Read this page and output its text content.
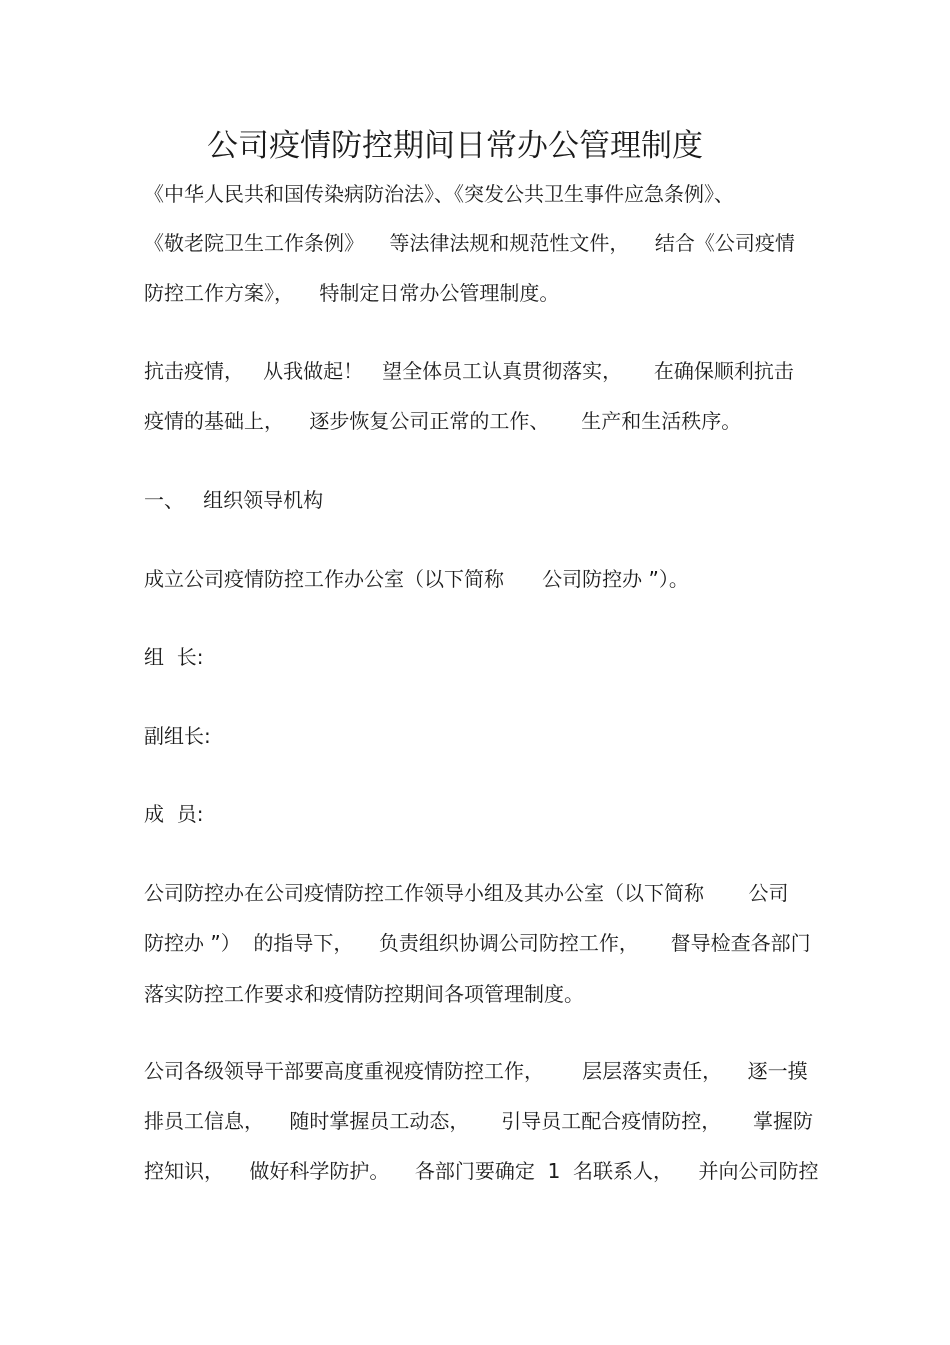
公司疫情防控期间日常办公管理制度
《中华人民共和国传染病防治法》、《突发公共卫生事件应急条例》、
《敬老院卫生工作条例》    等法律法规和规范性文件，    结合《公司疫情
防控工作方案》，    特制定日常办公管理制度。
抗击疫情，   从我做起！   望全体员工认真贯彻落实，     在确保顺利抗击
疫情的基础上，    逐步恢复公司正常的工作、     生产和生活秩序。
一、   组织领导机构
成立公司疫情防控工作办公室（以下简称      公司防控办 ”）。
组  长:
副组长:
成  员:
公司防控办在公司疫情防控工作领导小组及其办公室（以下简称       公司
防控办 ”）  的指导下，    负责组织协调公司防控工作，     督导检查各部门
落实防控工作要求和疫情防控期间各项管理制度。
公司各级领导干部要高度重视疫情防控工作，      层层落实责任，    逐一摸
排员工信息，    随时掌握员工动态，     引导员工配合疫情防控，     掌握防
控知识，    做好科学防护。    各部门要确定  1  名联系人，    并向公司防控
